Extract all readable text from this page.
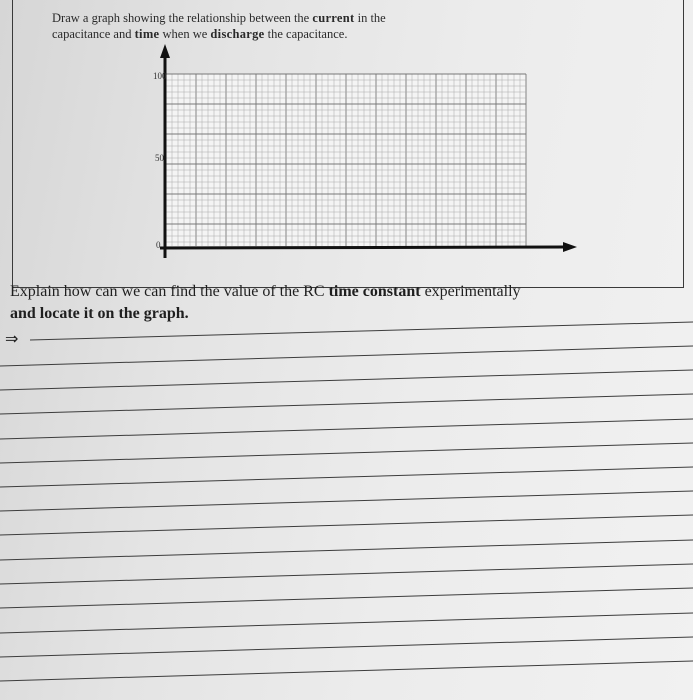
Draw a graph showing the relationship between the current in the
capacitance and time when we discharge the capacitance.
100
50
0
Explain how can we can find the value of the RC time constant experimentally
and locate it on the graph.
⇒
